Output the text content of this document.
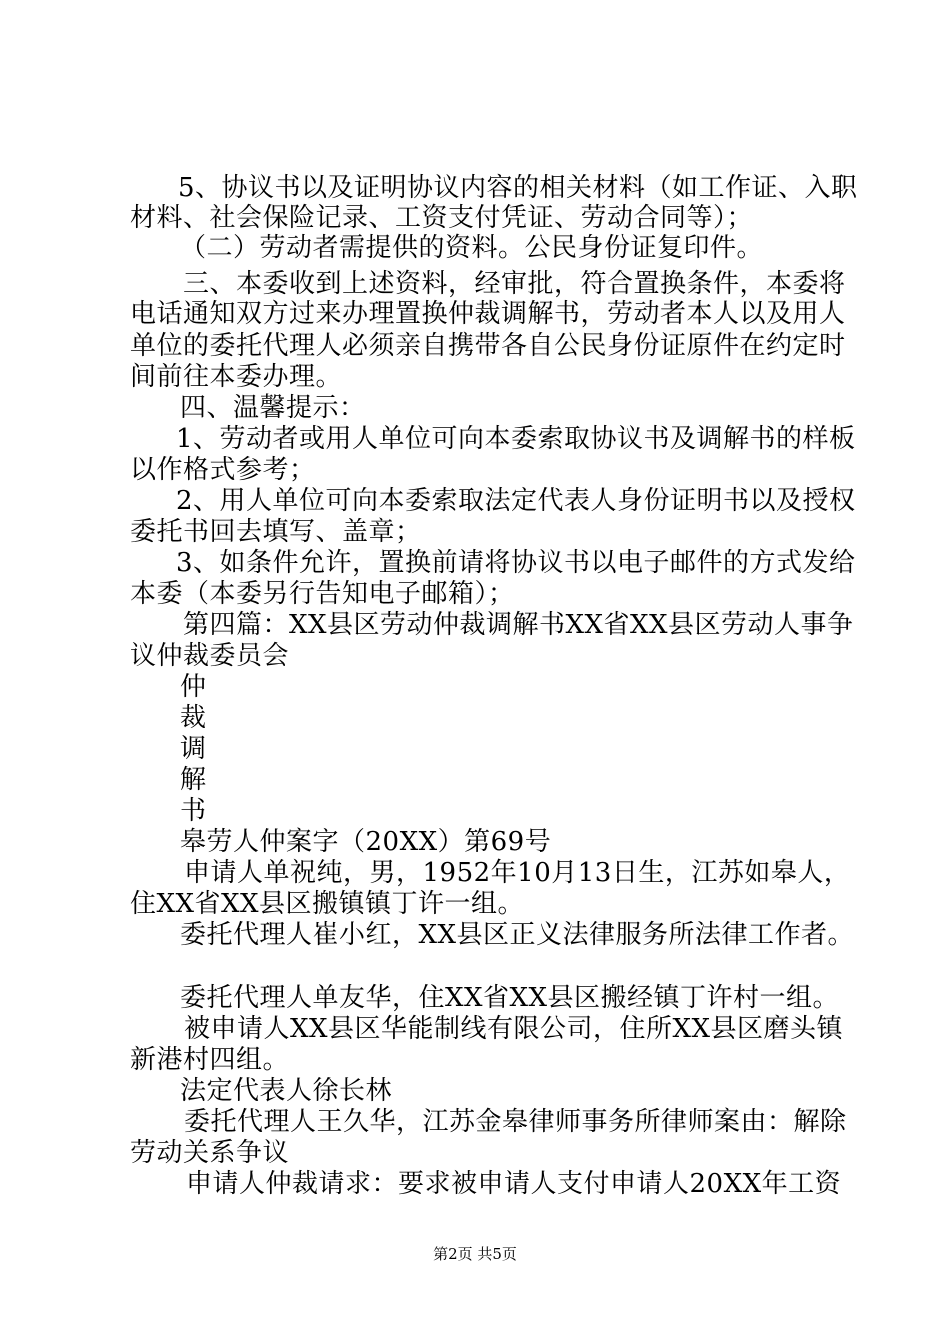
5、协议书以及证明协议内容的相关材料（如工作证、入职
材料、社会保险记录、工资支付凭证、劳动合同等）；
（二）劳动者需提供的资料。公民身份证复印件。
三、本委收到上述资料，经审批，符合置换条件，本委将
电话通知双方过来办理置换仲裁调解书，劳动者本人以及用人
单位的委托代理人必须亲自携带各自公民身份证原件在约定时
间前往本委办理。
四、温馨提示：
1、劳动者或用人单位可向本委索取协议书及调解书的样板
以作格式参考；
2、用人单位可向本委索取法定代表人身份证明书以及授权
委托书回去填写、盖章；
3、如条件允许，置换前请将协议书以电子邮件的方式发给
本委（本委另行告知电子邮箱）；
第四篇：XX县区劳动仲裁调解书XX省XX县区劳动人事争
议仲裁委员会
仲
裁
调
解
书
皋劳人仲案字（20XX）第69号
申请人单祝纯，男，1952年10月13日生，江苏如皋人，
住XX省XX县区搬镇镇丁许一组。
委托代理人崔小红，XX县区正义法律服务所法律工作者。
委托代理人单友华，住XX省XX县区搬经镇丁许村一组。
被申请人XX县区华能制线有限公司，住所XX县区磨头镇
新港村四组。
法定代表人徐长林
委托代理人王久华，江苏金皋律师事务所律师案由：解除
劳动关系争议
申请人仲裁请求：要求被申请人支付申请人20XX年工资
第2页 共5页
